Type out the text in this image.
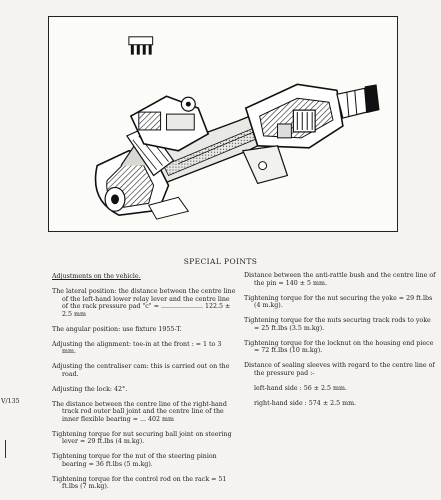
SPECIAL POINTS
V/135

Adjustments on the vehicle.

The lateral position: the distance between the centre line of the left-hand lower relay lever and the centre line of the rack pressure pad "c" = ..................... 122.5 ± 2.5 mm

The angular position: use fixture 1955-T.

Adjusting the alignment: toe-in at the front : = 1 to 3 mm.

Adjusting the centraliser cam: this is carried out on the road.

Adjusting the lock: 42°.

The distance between the centre line of the right-hand track rod outer ball joint and the centre line of the inner flexible bearing = ... 402 mm

Tightening torque for nut securing ball joint on steering lever = 29 ft.lbs (4 m.kg).

Tightening torque for the nut of the steering pinion bearing = 36 ft.lbs (5 m.kg).

Tightening torque for the control rod on the rack = 51 ft.lbs (7 m.kg).

Distance between the anti-rattle bush and the centre line of the pin = 140 ± 5 mm.

Tightening torque for the nut securing the yoke = 29 ft.lbs (4 m.kg).

Tightening torque for the nuts securing track rods to yoke = 25 ft.lbs (3.5 m.kg).

Tightening torque for the locknut on the housing end piece = 72 ft.lbs (10 m.kg).

Distance of sealing sleeves with regard to the centre line of the pressure pad :-

left-hand side : 56 ± 2.5 mm.

right-hand side : 574 ± 2.5 mm.
